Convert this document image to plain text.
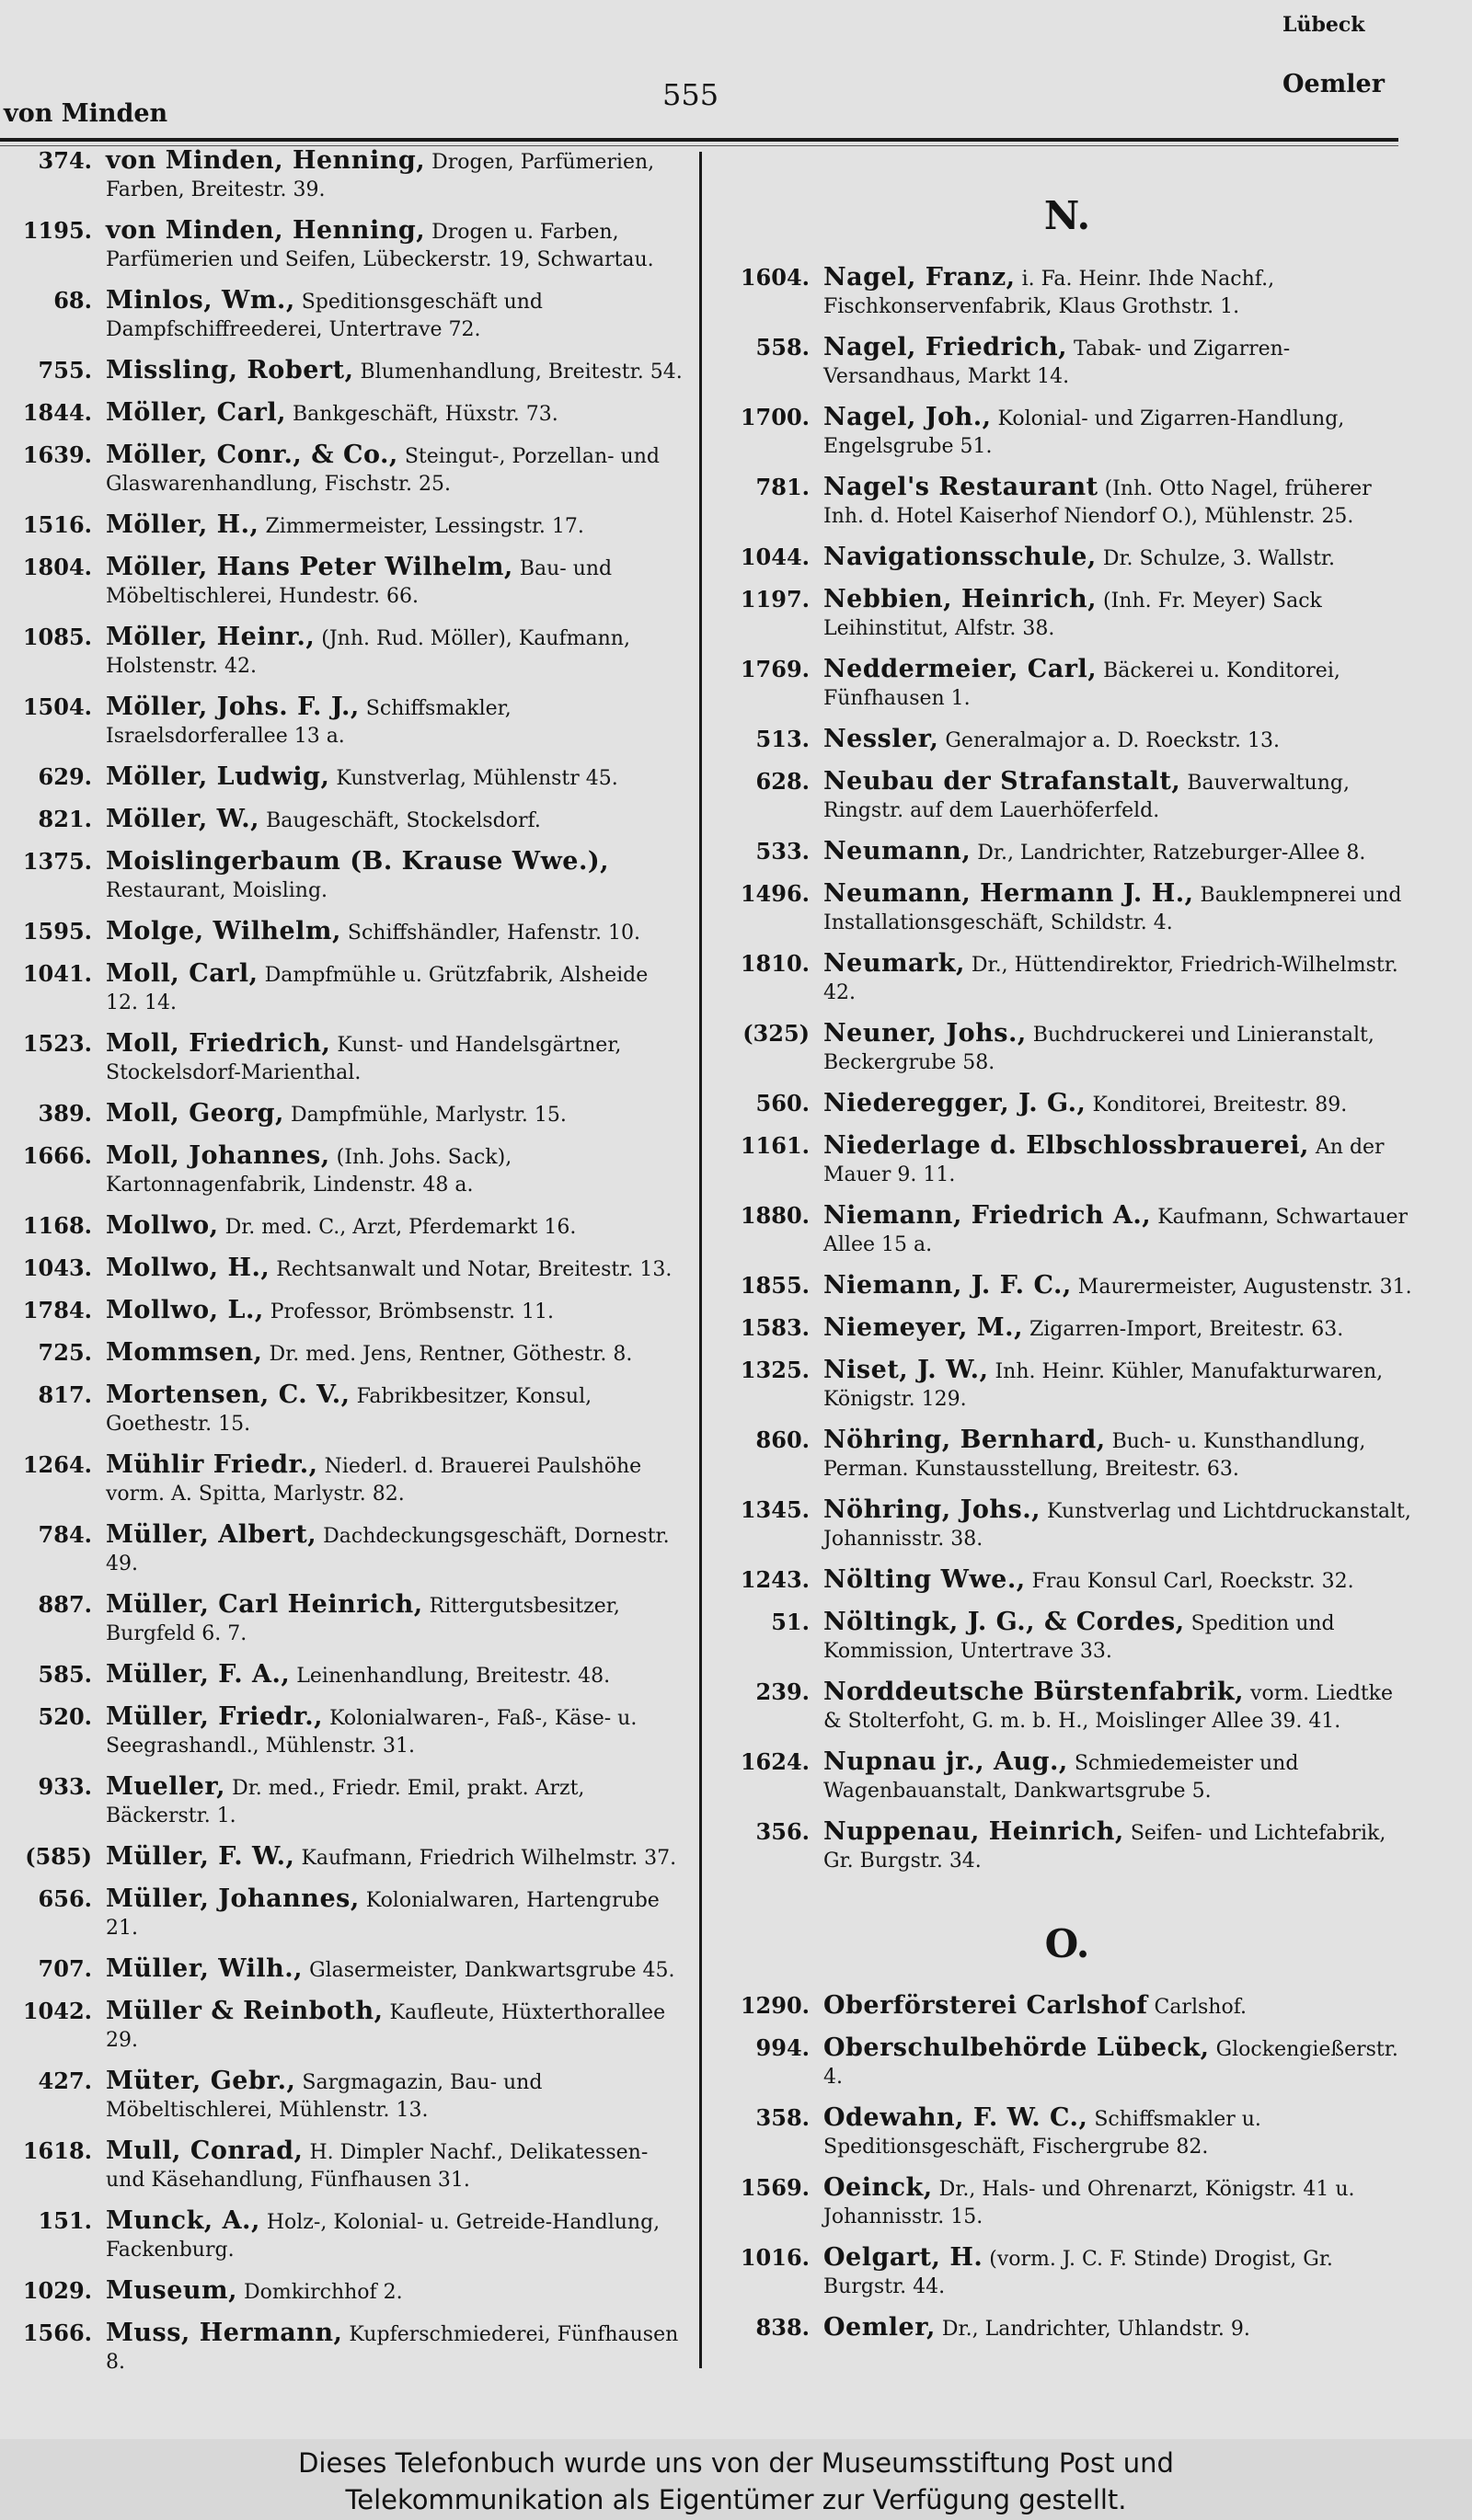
von Minden
555
Lübeck
Oemler
374. von Minden, Henning, Drogen, Parfümerien, Farben, Breitestr. 39.
1195. von Minden, Henning, Drogen u. Farben, Parfümerien und Seifen, Lübeckerstr. 19, Schwartau.
68. Minlos, Wm., Speditionsgeschäft und Dampfschiffreederei, Untertrave 72.
755. Missling, Robert, Blumenhandlung, Breitestr. 54.
1844. Möller, Carl, Bankgeschäft, Hüxstr. 73.
1639. Möller, Conr., & Co., Steingut-, Porzellan- und Glaswarenhandlung, Fischstr. 25.
1516. Möller, H., Zimmermeister, Lessingstr. 17.
1804. Möller, Hans Peter Wilhelm, Bau- und Möbeltischlerei, Hundestr. 66.
1085. Möller, Heinr., (Jnh. Rud. Möller), Kaufmann, Holstenstr. 42.
1504. Möller, Johs. F. J., Schiffsmakler, Israelsdorferallee 13 a.
629. Möller, Ludwig, Kunstverlag, Mühlenstr 45.
821. Möller, W., Baugeschäft, Stockelsdorf.
1375. Moislingerbaum (B. Krause Wwe.), Restaurant, Moisling.
1595. Molge, Wilhelm, Schiffshändler, Hafenstr. 10.
1041. Moll, Carl, Dampfmühle u. Grützfabrik, Alsheide 12. 14.
1523. Moll, Friedrich, Kunst- und Handelsgärtner, Stockelsdorf-Marienthal.
389. Moll, Georg, Dampfmühle, Marlystr. 15.
1666. Moll, Johannes, (Inh. Johs. Sack), Kartonnagenfabrik, Lindenstr. 48 a.
1168. Mollwo, Dr. med. C., Arzt, Pferdemarkt 16.
1043. Mollwo, H., Rechtsanwalt und Notar, Breitestr. 13.
1784. Mollwo, L., Professor, Brömbsenstr. 11.
725. Mommsen, Dr. med. Jens, Rentner, Göthestr. 8.
817. Mortensen, C. V., Fabrikbesitzer, Konsul, Goethestr. 15.
1264. Mühlir Friedr., Niederl. d. Brauerei Paulshöhe vorm. A. Spitta, Marlystr. 82.
784. Müller, Albert, Dachdeckungsgeschäft, Dornestr. 49.
887. Müller, Carl Heinrich, Rittergutsbesitzer, Burgfeld 6. 7.
585. Müller, F. A., Leinenhandlung, Breitestr. 48.
520. Müller, Friedr., Kolonialwaren-, Faß-, Käse- u. Seegrashandl., Mühlenstr. 31.
933. Mueller, Dr. med., Friedr. Emil, prakt. Arzt, Bäckerstr. 1.
(585) Müller, F. W., Kaufmann, Friedrich Wilhelmstr. 37.
656. Müller, Johannes, Kolonialwaren, Hartengrube 21.
707. Müller, Wilh., Glasermeister, Dankwartsgrube 45.
1042. Müller & Reinboth, Kaufleute, Hüxterthorallee 29.
427. Müter, Gebr., Sargmagazin, Bau- und Möbeltischlerei, Mühlenstr. 13.
1618. Mull, Conrad, H. Dimpler Nachf., Delikatessen- und Käsehandlung, Fünfhausen 31.
151. Munck, A., Holz-, Kolonial- u. Getreide-Handlung, Fackenburg.
1029. Museum, Domkirchhof 2.
1566. Muss, Hermann, Kupferschmiederei, Fünfhausen 8.
N.
1604. Nagel, Franz, i. Fa. Heinr. Ihde Nachf., Fischkonservenfabrik, Klaus Grothstr. 1.
558. Nagel, Friedrich, Tabak- und Zigarren-Versandhaus, Markt 14.
1700. Nagel, Joh., Kolonial- und Zigarren-Handlung, Engelsgrube 51.
781. Nagel's Restaurant (Inh. Otto Nagel, früherer Inh. d. Hotel Kaiserhof Niendorf O.), Mühlenstr. 25.
1044. Navigationsschule, Dr. Schulze, 3. Wallstr.
1197. Nebbien, Heinrich, (Inh. Fr. Meyer) Sack Leihinstitut, Alfstr. 38.
1769. Neddermeier, Carl, Bäckerei u. Konditorei, Fünfhausen 1.
513. Nessler, Generalmajor a. D. Roeckstr. 13.
628. Neubau der Strafanstalt, Bauverwaltung, Ringstr. auf dem Lauerhöferfeld.
533. Neumann, Dr., Landrichter, Ratzeburger-Allee 8.
1496. Neumann, Hermann J. H., Bauklempnerei und Installationsgeschäft, Schildstr. 4.
1810. Neumark, Dr., Hüttendirektor, Friedrich-Wilhelmstr. 42.
(325) Neuner, Johs., Buchdruckerei und Linieranstalt, Beckergrube 58.
560. Niederegger, J. G., Konditorei, Breitestr. 89.
1161. Niederlage d. Elbschlossbrauerei, An der Mauer 9. 11.
1880. Niemann, Friedrich A., Kaufmann, Schwartauer Allee 15 a.
1855. Niemann, J. F. C., Maurermeister, Augustenstr. 31.
1583. Niemeyer, M., Zigarren-Import, Breitestr. 63.
1325. Niset, J. W., Inh. Heinr. Kühler, Manufakturwaren, Königstr. 129.
860. Nöhring, Bernhard, Buch- u. Kunsthandlung, Perman. Kunstausstellung, Breitestr. 63.
1345. Nöhring, Johs., Kunstverlag und Lichtdruckanstalt, Johannisstr. 38.
1243. Nölting Wwe., Frau Konsul Carl, Roeckstr. 32.
51. Nöltingk, J. G., & Cordes, Spedition und Kommission, Untertrave 33.
239. Norddeutsche Bürstenfabrik, vorm. Liedtke & Stolterfoht, G. m. b. H., Moislinger Allee 39. 41.
1624. Nupnau jr., Aug., Schmiedemeister und Wagenbauanstalt, Dankwartsgrube 5.
356. Nuppenau, Heinrich, Seifen- und Lichtefabrik, Gr. Burgstr. 34.
O.
1290. Oberförsterei Carlshof Carlshof.
994. Oberschulbehörde Lübeck, Glockengießerstr. 4.
358. Odewahn, F. W. C., Schiffsmakler u. Speditionsgeschäft, Fischergrube 82.
1569. Oeinck, Dr., Hals- und Ohrenarzt, Königstr. 41 u. Johannisstr. 15.
1016. Oelgart, H. (vorm. J. C. F. Stinde) Drogist, Gr. Burgstr. 44.
838. Oemler, Dr., Landrichter, Uhlandstr. 9.
Dieses Telefonbuch wurde uns von der Museumsstiftung Post und
Telekommunikation als Eigentümer zur Verfügung gestellt.
